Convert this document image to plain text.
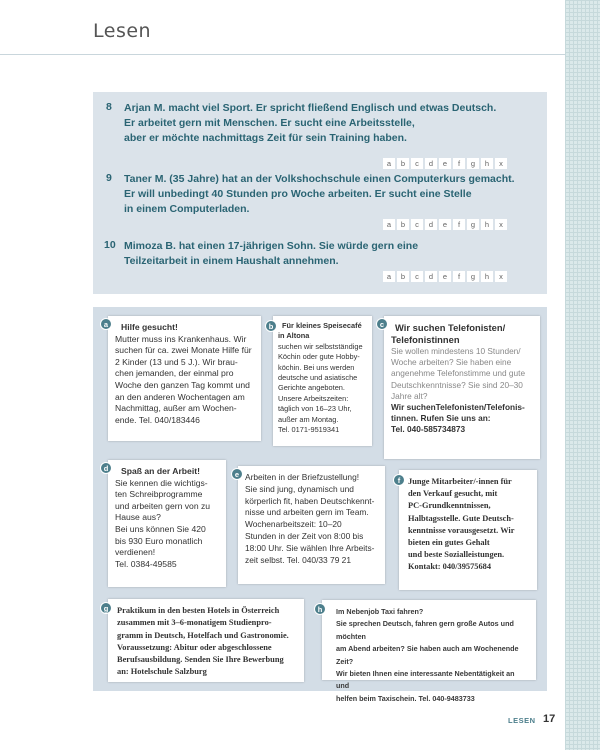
Lesen
8 Arjan M. macht viel Sport. Er spricht fließend Englisch und etwas Deutsch.
Er arbeitet gern mit Menschen. Er sucht eine Arbeitsstelle,
aber er möchte nachmittags Zeit für sein Training haben.
a	b	c	d	e	f	g	h	x
9 Taner M. (35 Jahre) hat an der Volkshochschule einen Computerkurs gemacht.
Er will unbedingt 40 Stunden pro Woche arbeiten. Er sucht eine Stelle
in einem Computerladen.
a	b	c	d	e	f	g	h	x
10 Mimoza B. hat einen 17-jährigen Sohn. Sie würde gern eine
Teilzeitarbeit in einem Haushalt annehmen.
a	b	c	d	e	f	g	h	x
a	Hilfe gesucht!
Mutter muss ins Krankenhaus. Wir
suchen für ca. zwei Monate Hilfe für
2 Kinder (13 und 5 J.). Wir brau-
chen jemanden, der einmal pro
Woche den ganzen Tag kommt und
an den anderen Wochentagen am
Nachmittag, außer am Wochen-
ende. Tel. 040/183446
b	Für kleines Speisecafé
in Altona
suchen wir selbstständige
Köchin oder gute Hobby-
köchin. Bei uns werden
deutsche und asiatische
Gerichte angeboten.
Unsere Arbeitszeiten:
täglich von 16–23 Uhr,
außer am Montag.
Tel. 0171-9519341
c	Wir suchen Telefonisten/
Telefonistinnen
Sie wollen mindestens 10 Stunden/
Woche arbeiten? Sie haben eine
angenehme Telefonstimme und gute
Deutschkenntnisse? Sie sind 20–30
Jahre alt?
Wir suchenTelefonisten/Telefonis-
tinnen. Rufen Sie uns an:
Tel. 040-585734873
d	Spaß an der Arbeit!
Sie kennen die wichtigs-
ten Schreibprogramme
und arbeiten gern von zu
Hause aus?
Bei uns können Sie 420
bis 930 Euro monatlich
verdienen!
Tel. 0384-49585
e Arbeiten in der Briefzustellung!
Sie sind jung, dynamisch und
körperlich fit, haben Deutschkennt-
nisse und arbeiten gern im Team.
Wochenarbeitszeit: 10–20
Stunden in der Zeit von 8:00 bis
18:00 Uhr. Sie wählen Ihre Arbeits-
zeit selbst. Tel. 040/33 79 21
f Junge Mitarbeiter/-innen für
den Verkauf gesucht, mit
PC-Grundkenntnissen,
Halbtagsstelle. Gute Deutsch-
kenntnisse vorausgesetzt. Wir
bieten ein gutes Gehalt
und beste Sozialleistungen.
Kontakt: 040/39575684
g	Praktikum in den besten Hotels in Österreich
zusammen mit 3–6-monatigem Studienpro-
gramm in Deutsch, Hotelfach und Gastronomie.
Voraussetzung: Abitur oder abgeschlossene
Berufsausbildung. Senden Sie Ihre Bewerbung
an: Hotelschule Salzburg
h	Im Nebenjob Taxi fahren?
Sie sprechen Deutsch, fahren gern große Autos und möchten
am Abend arbeiten? Sie haben auch am Wochenende Zeit?
Wir bieten Ihnen eine interessante Nebentätigkeit an und
helfen beim Taxischein. Tel. 040-9483733
LESEN 17
